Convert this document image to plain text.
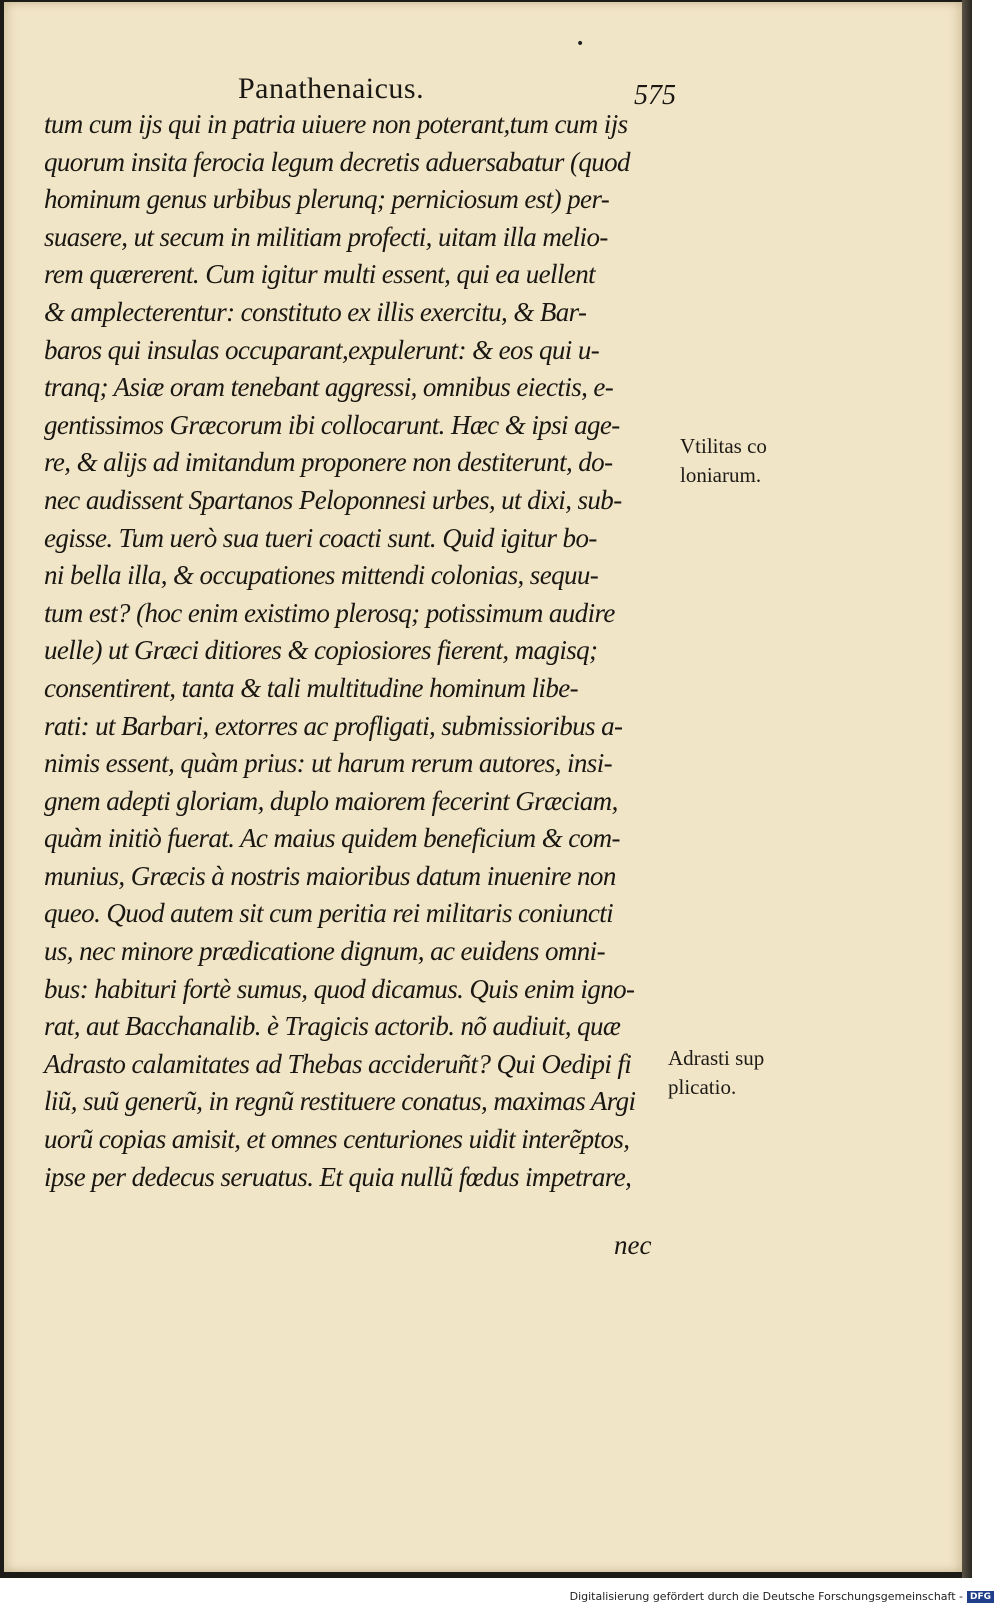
•
Panathenaicus.	575
tum cum ijs qui in patria uiuere non poterant,tum cum ijs
quorum insita ferocia legum decretis aduersabatur (quod
hominum genus urbibus plerunq; perniciosum est) per-
suasere, ut secum in militiam profecti, uitam illa melio-
rem quærerent. Cum igitur multi essent, qui ea uellent
& amplecterentur: constituto ex illis exercitu, & Bar-
baros qui insulas occuparant,expulerunt: & eos qui u-
tranq; Asiæ oram tenebant aggressi, omnibus eiectis, e-
gentissimos Græcorum ibi collocarunt. Hæc & ipsi age-
re, & alijs ad imitandum proponere non destiterunt, do-
nec audissent Spartanos Peloponnesi urbes, ut dixi, sub-
egisse. Tum uerò sua tueri coacti sunt. Quid igitur bo-
ni bella illa, & occupationes mittendi colonias, sequu-
tum est? (hoc enim existimo plerosq; potissimum audire
uelle) ut Græci ditiores & copiosiores fierent, magisq;
consentirent, tanta & tali multitudine hominum libe-
rati: ut Barbari, extorres ac profligati, submissioribus a-
nimis essent, quàm prius: ut harum rerum autores, insi-
gnem adepti gloriam, duplo maiorem fecerint Græciam,
quàm initiò fuerat. Ac maius quidem beneficium & com-
munius, Græcis à nostris maioribus datum inuenire non
queo. Quod autem sit cum peritia rei militaris coniuncti
us, nec minore prædicatione dignum, ac euidens omni-
bus: habituri fortè sumus, quod dicamus. Quis enim igno-
rat, aut Bacchanalib. è Tragicis actorib. nõ audiuit, quæ
Adrasto calamitates ad Thebas accideruñt? Qui Oedipi fi
liũ, suũ generũ, in regnũ restituere conatus, maximas Argi
uorũ copias amisit, et omnes centuriones uidit interẽptos,
ipse per dedecus seruatus. Et quia nullũ fœdus impetrare,
nec
Vtilitas co
loniarum.
Adrasti sup
plicatio.
Digitalisierung gefördert durch die Deutsche Forschungsgemeinschaft - DFG
